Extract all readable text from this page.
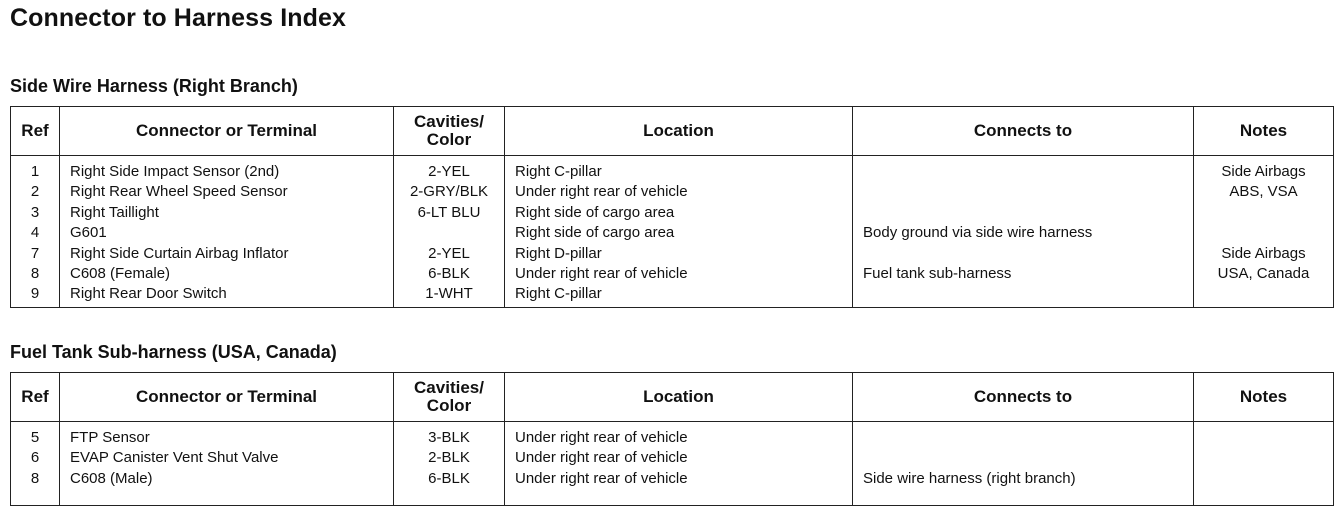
Connector to Harness Index
Side Wire Harness (Right Branch)
Ref	Connector or Terminal	Cavities/ Color	Location	Connects to	Notes
1	Right Side Impact Sensor (2nd)	2-YEL	Right C-pillar		Side Airbags
2	Right Rear Wheel Speed Sensor	2-GRY/BLK	Under right rear of vehicle		ABS, VSA
3	Right Taillight	6-LT BLU	Right side of cargo area		
4	G601		Right side of cargo area	Body ground via side wire harness	
7	Right Side Curtain Airbag Inflator	2-YEL	Right D-pillar		Side Airbags
8	C608 (Female)	6-BLK	Under right rear of vehicle	Fuel tank sub-harness	USA, Canada
9	Right Rear Door Switch	1-WHT	Right C-pillar		
Fuel Tank Sub-harness (USA, Canada)
Ref	Connector or Terminal	Cavities/ Color	Location	Connects to	Notes
5	FTP Sensor	3-BLK	Under right rear of vehicle		
6	EVAP Canister Vent Shut Valve	2-BLK	Under right rear of vehicle		
8	C608 (Male)	6-BLK	Under right rear of vehicle	Side wire harness (right branch)	
